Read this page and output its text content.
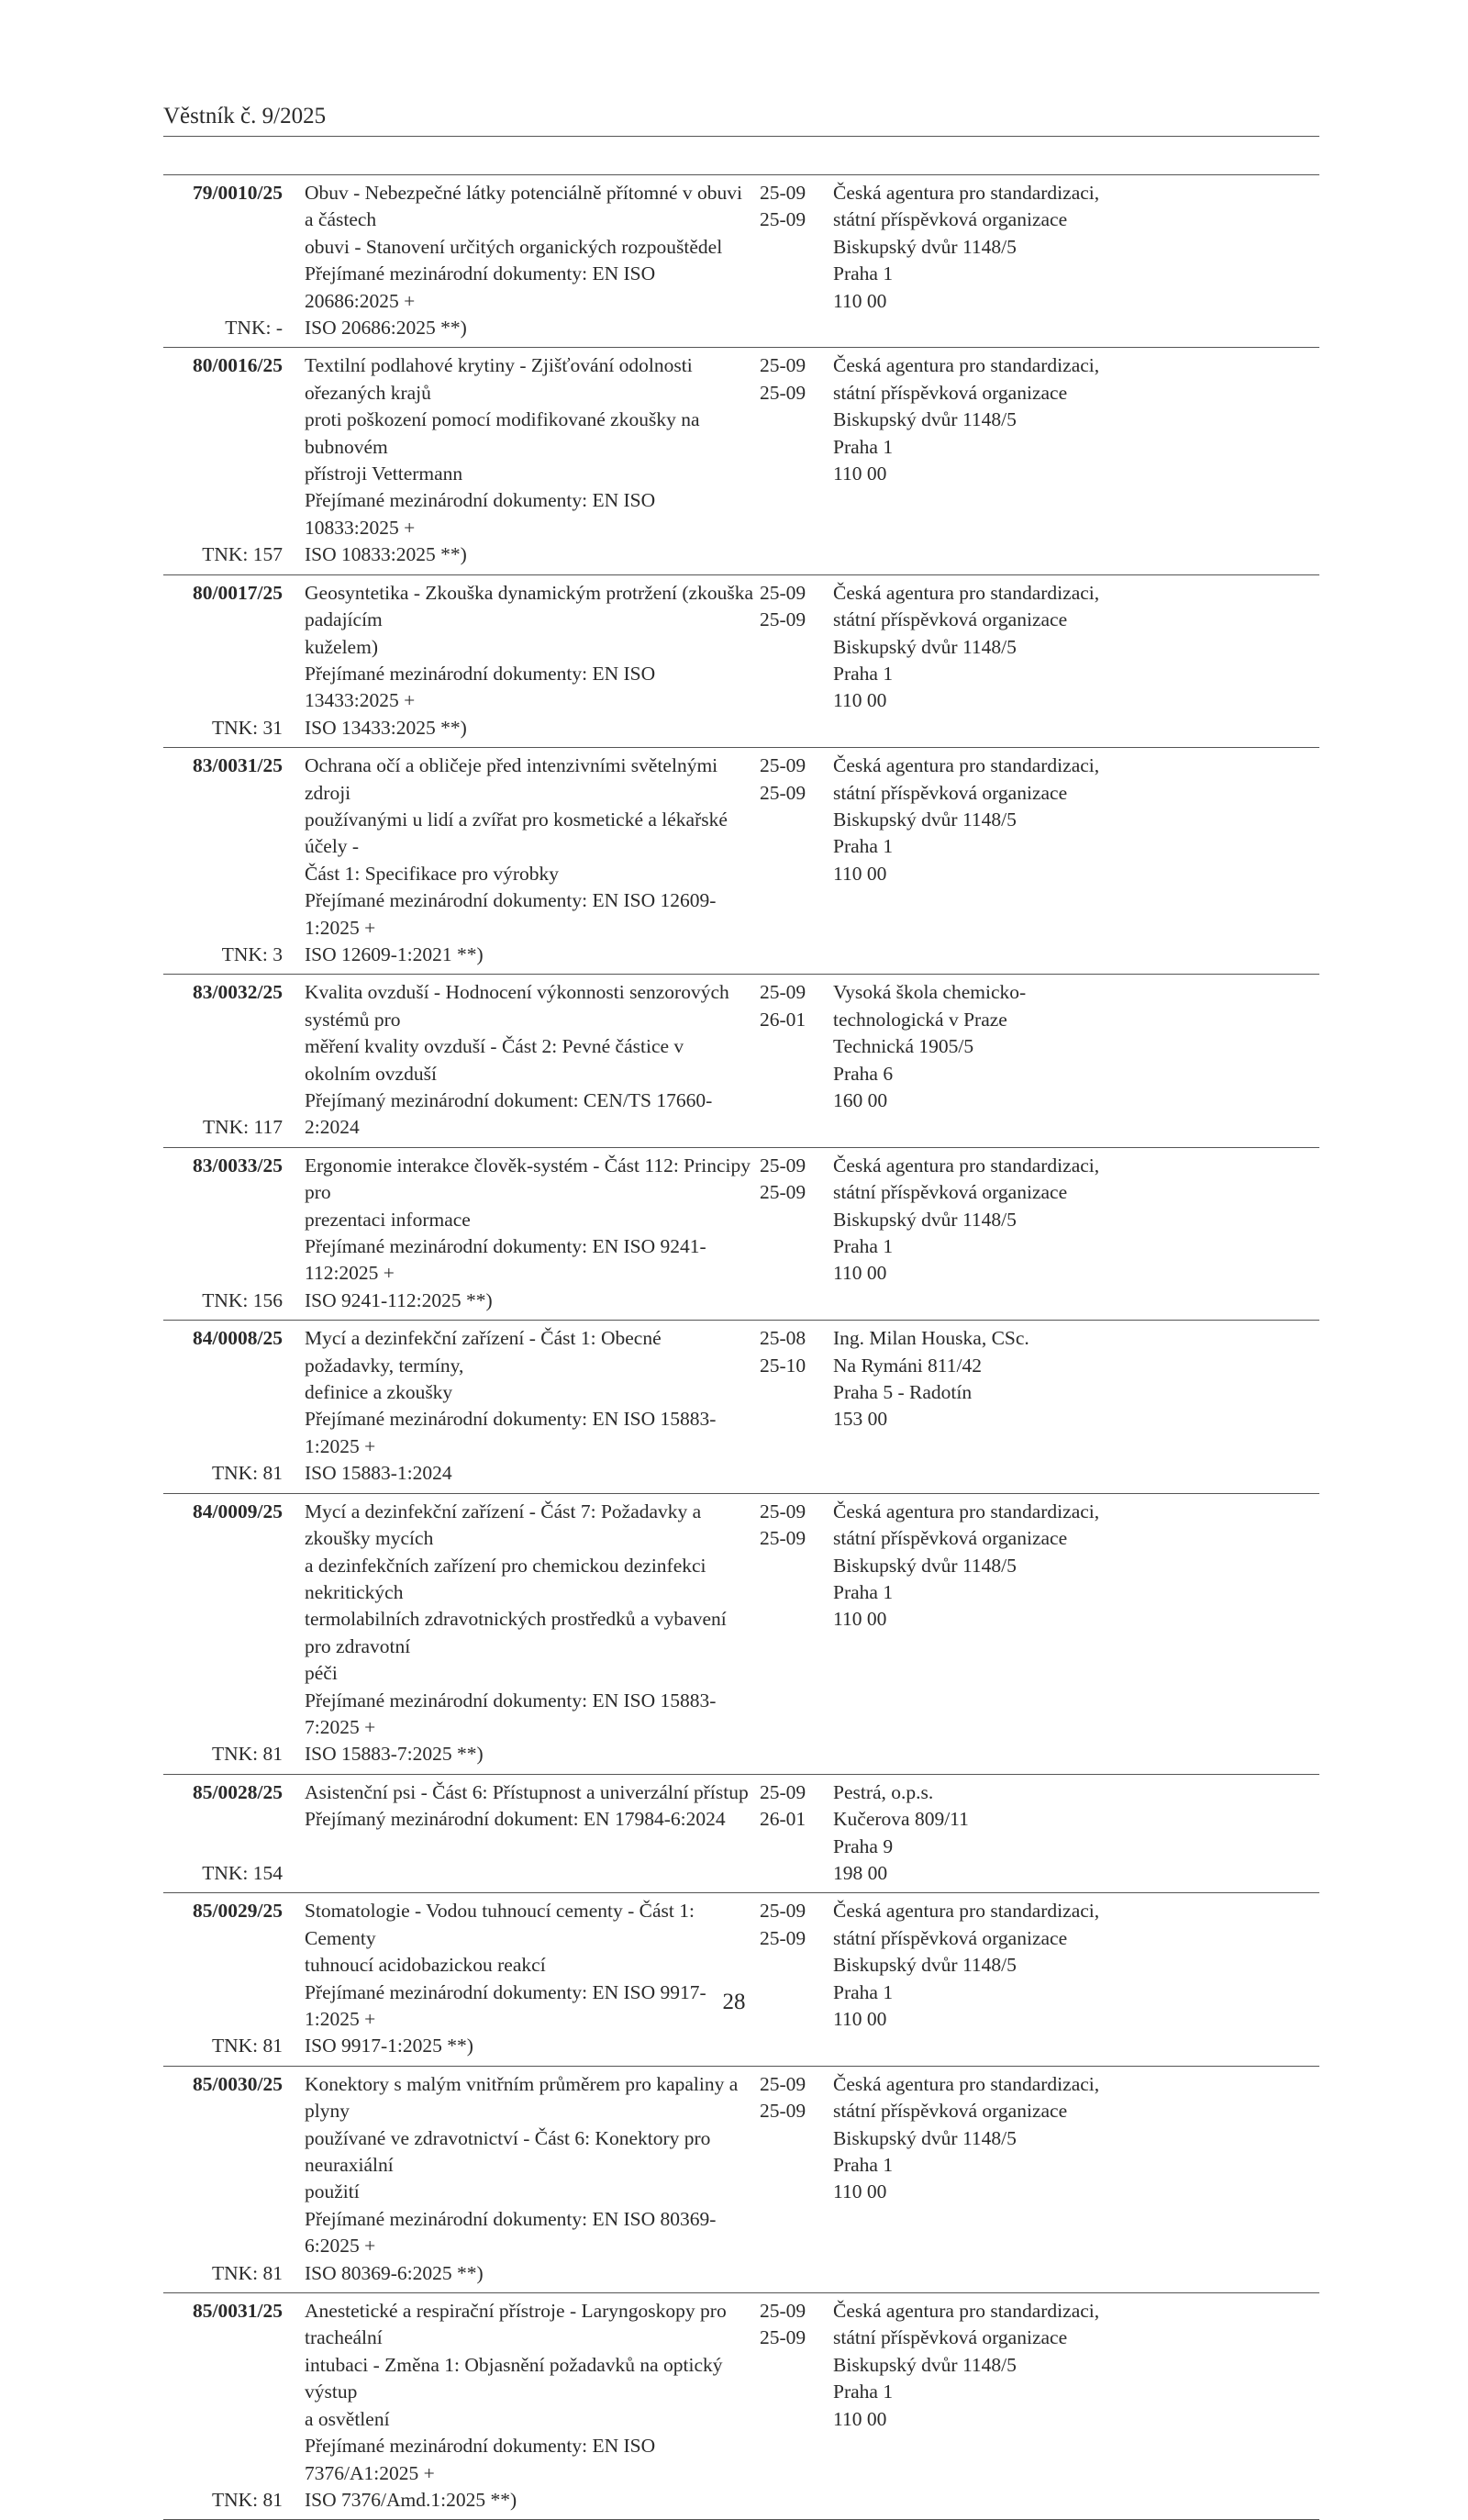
Věstník č. 9/2025
79/0010/25
TNK: -
Obuv - Nebezpečné látky potenciálně přítomné v obuvi a částech
obuvi - Stanovení určitých organických rozpouštědel
Přejímané mezinárodní dokumenty: EN ISO 20686:2025 +
ISO 20686:2025 **)
25-09
25-09
Česká agentura pro standardizaci,
státní příspěvková organizace
Biskupský dvůr 1148/5
Praha 1
110 00
80/0016/25
TNK: 157
Textilní podlahové krytiny - Zjišťování odolnosti ořezaných krajů
proti poškození pomocí modifikované zkoušky na bubnovém
přístroji Vettermann
Přejímané mezinárodní dokumenty: EN ISO 10833:2025 +
ISO 10833:2025 **)
25-09
25-09
Česká agentura pro standardizaci,
státní příspěvková organizace
Biskupský dvůr 1148/5
Praha 1
110 00
80/0017/25
TNK: 31
Geosyntetika - Zkouška dynamickým protržení (zkouška padajícím
kuželem)
Přejímané mezinárodní dokumenty: EN ISO 13433:2025 +
ISO 13433:2025 **)
25-09
25-09
Česká agentura pro standardizaci,
státní příspěvková organizace
Biskupský dvůr 1148/5
Praha 1
110 00
83/0031/25
TNK: 3
Ochrana očí a obličeje před intenzivními světelnými zdroji
používanými u lidí a zvířat pro kosmetické a lékařské účely -
Část 1: Specifikace pro výrobky
Přejímané mezinárodní dokumenty: EN ISO 12609-1:2025 +
ISO 12609-1:2021 **)
25-09
25-09
Česká agentura pro standardizaci,
státní příspěvková organizace
Biskupský dvůr 1148/5
Praha 1
110 00
83/0032/25
TNK: 117
Kvalita ovzduší - Hodnocení výkonnosti senzorových systémů pro
měření kvality ovzduší - Část 2: Pevné částice v okolním ovzduší
Přejímaný mezinárodní dokument: CEN/TS 17660-2:2024
25-09
26-01
Vysoká škola chemicko-
technologická v Praze
Technická 1905/5
Praha 6
160 00
83/0033/25
TNK: 156
Ergonomie interakce člověk-systém - Část 112: Principy pro
prezentaci informace
Přejímané mezinárodní dokumenty: EN ISO 9241-112:2025 +
ISO 9241-112:2025 **)
25-09
25-09
Česká agentura pro standardizaci,
státní příspěvková organizace
Biskupský dvůr 1148/5
Praha 1
110 00
84/0008/25
TNK: 81
Mycí a dezinfekční zařízení - Část 1: Obecné požadavky, termíny,
definice a zkoušky
Přejímané mezinárodní dokumenty: EN ISO 15883-1:2025 +
ISO 15883-1:2024
25-08
25-10
Ing. Milan Houska, CSc.
Na Rymáni 811/42
Praha 5 - Radotín
153 00
84/0009/25
TNK: 81
Mycí a dezinfekční zařízení - Část 7: Požadavky a zkoušky mycích
a dezinfekčních zařízení pro chemickou dezinfekci nekritických
termolabilních zdravotnických prostředků a vybavení pro zdravotní
péči
Přejímané mezinárodní dokumenty: EN ISO 15883-7:2025 +
ISO 15883-7:2025 **)
25-09
25-09
Česká agentura pro standardizaci,
státní příspěvková organizace
Biskupský dvůr 1148/5
Praha 1
110 00
85/0028/25
TNK: 154
Asistenční psi - Část 6: Přístupnost a univerzální přístup
Přejímaný mezinárodní dokument: EN 17984-6:2024
25-09
26-01
Pestrá, o.p.s.
Kučerova 809/11
Praha 9
198 00
85/0029/25
TNK: 81
Stomatologie - Vodou tuhnoucí cementy - Část 1: Cementy
tuhnoucí acidobazickou reakcí
Přejímané mezinárodní dokumenty: EN ISO 9917-1:2025 +
ISO 9917-1:2025 **)
25-09
25-09
Česká agentura pro standardizaci,
státní příspěvková organizace
Biskupský dvůr 1148/5
Praha 1
110 00
85/0030/25
TNK: 81
Konektory s malým vnitřním průměrem pro kapaliny a plyny
používané ve zdravotnictví - Část 6: Konektory pro neuraxiální
použití
Přejímané mezinárodní dokumenty: EN ISO 80369-6:2025 +
ISO 80369-6:2025 **)
25-09
25-09
Česká agentura pro standardizaci,
státní příspěvková organizace
Biskupský dvůr 1148/5
Praha 1
110 00
85/0031/25
TNK: 81
Anestetické a respirační přístroje - Laryngoskopy pro tracheální
intubaci - Změna 1: Objasnění požadavků na optický výstup
a osvětlení
Přejímané mezinárodní dokumenty: EN ISO 7376/A1:2025 +
ISO 7376/Amd.1:2025 **)
25-09
25-09
Česká agentura pro standardizaci,
státní příspěvková organizace
Biskupský dvůr 1148/5
Praha 1
110 00
28
